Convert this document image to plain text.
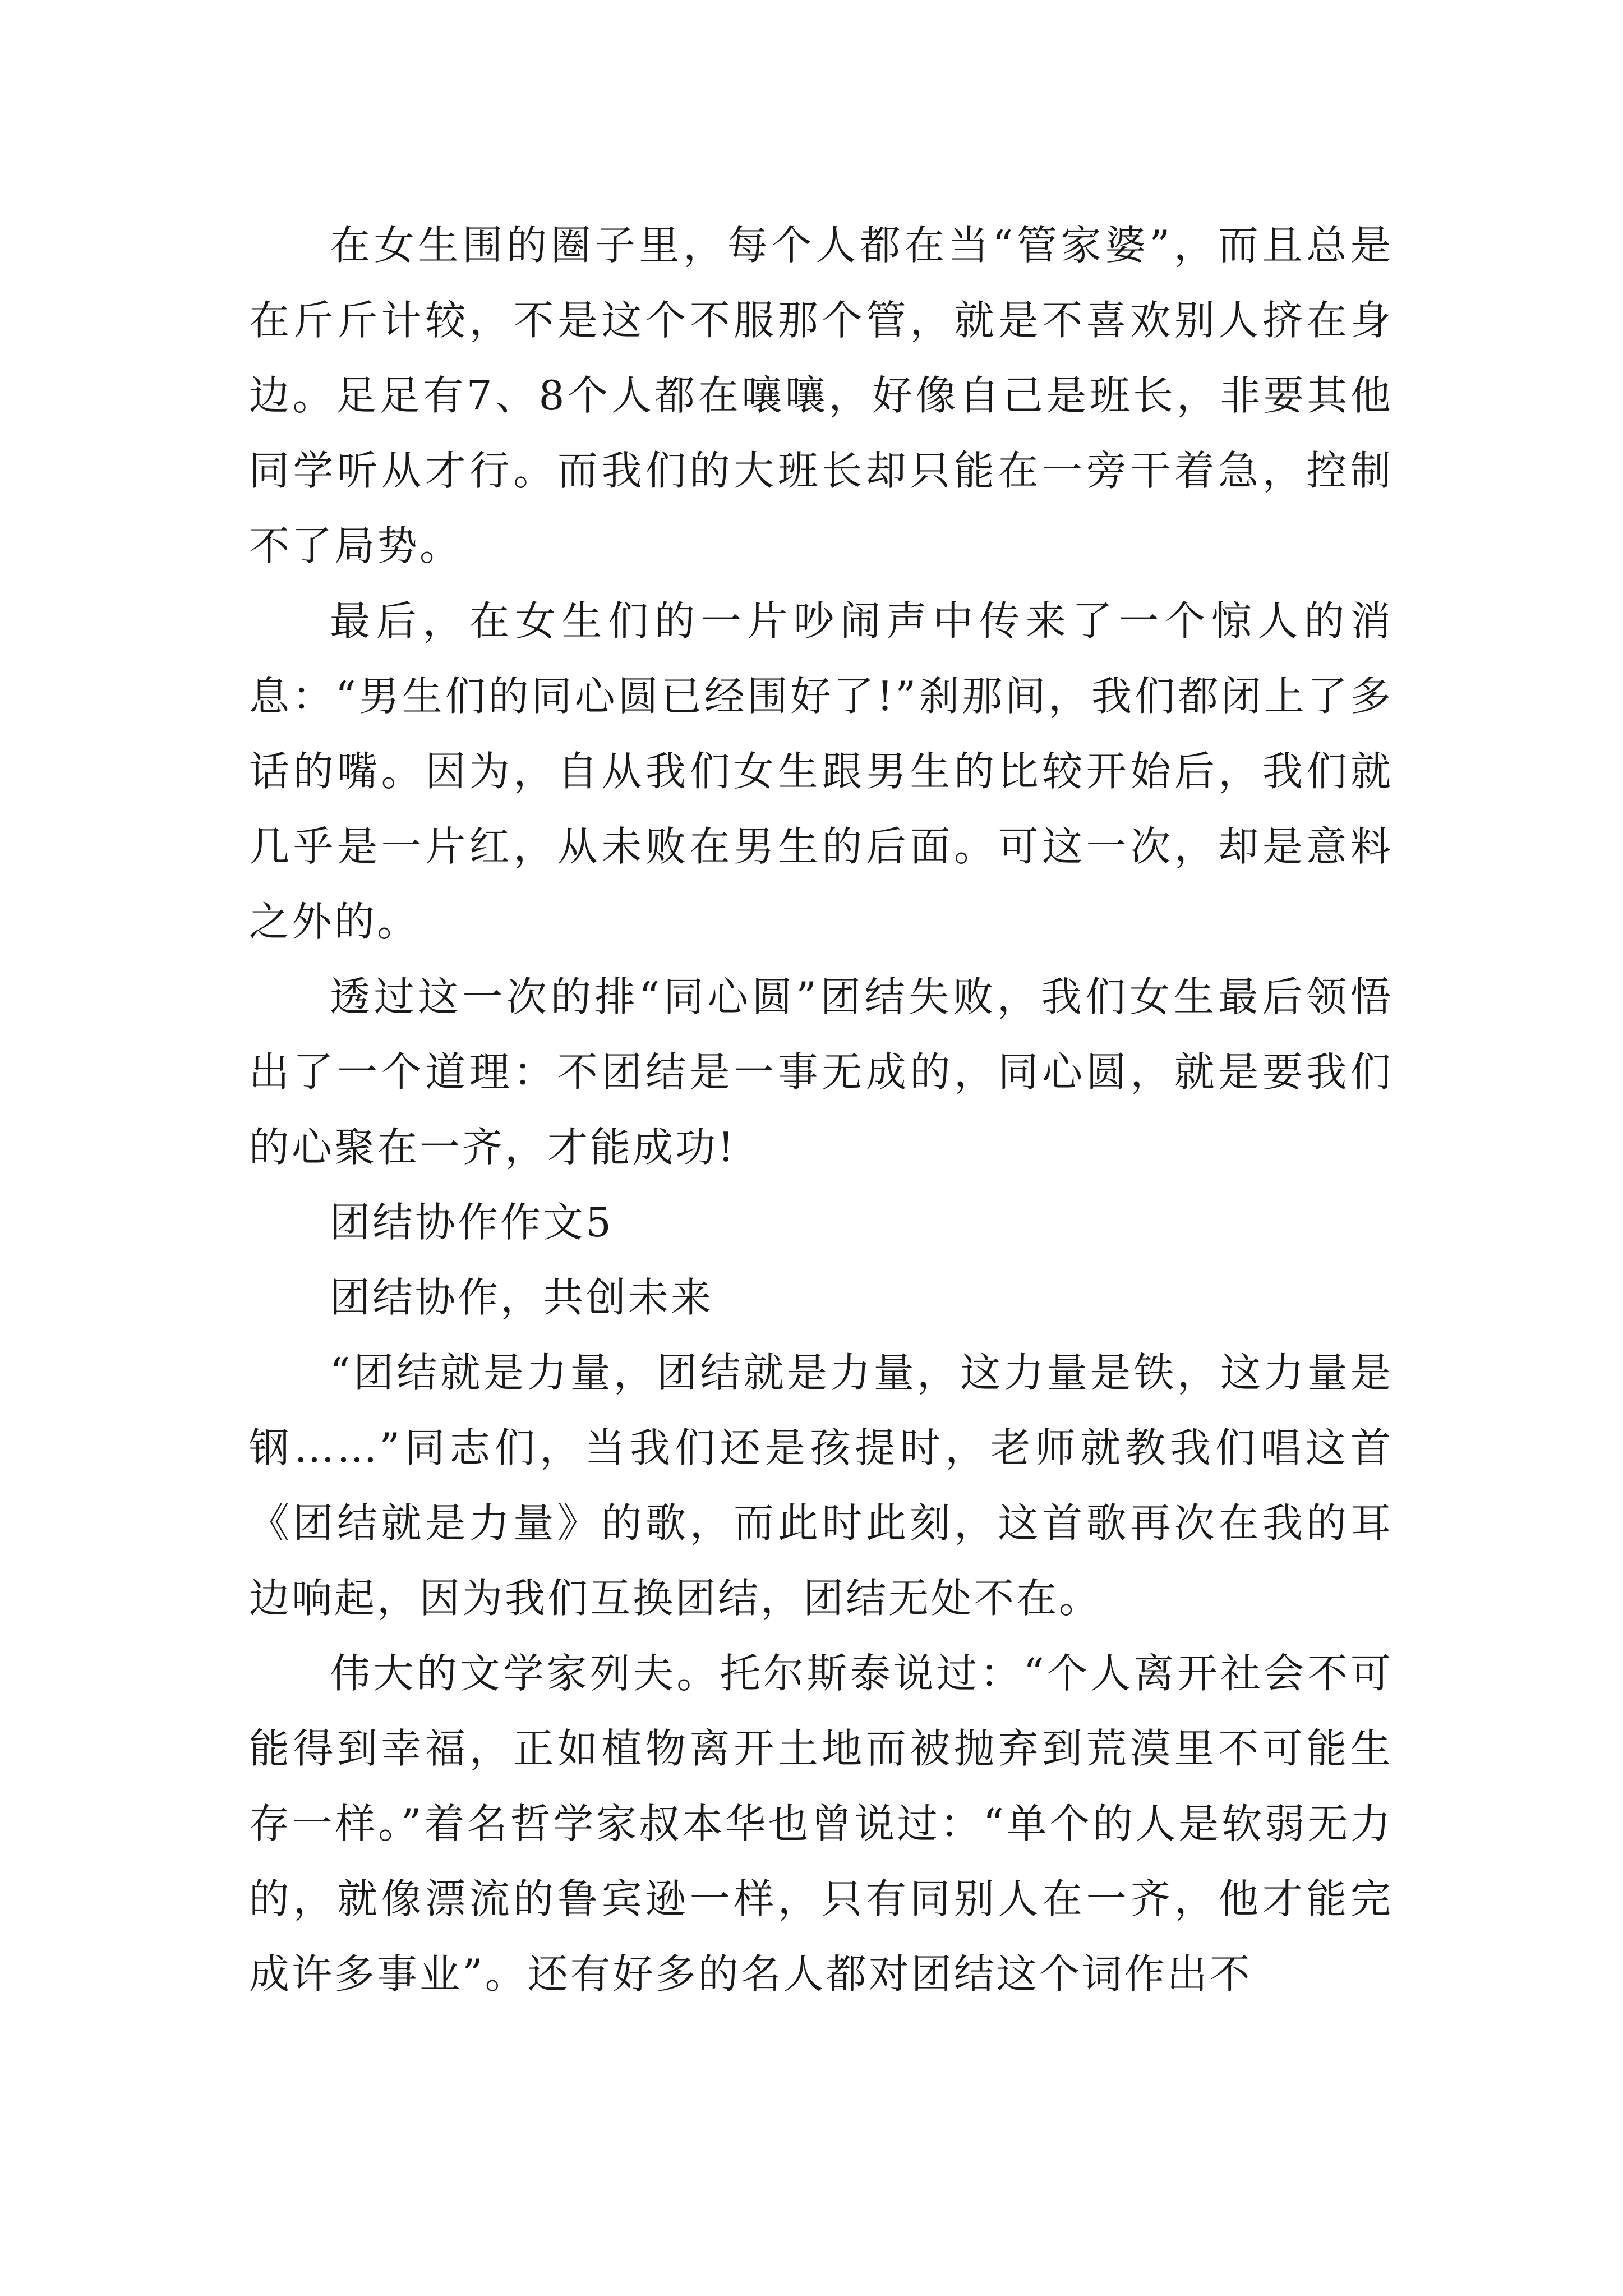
在女生围的圈子里，每个人都在当“管家婆”，而且总是在斤斤计较，不是这个不服那个管，就是不喜欢别人挤在身边。足足有7、8个人都在嚷嚷，好像自己是班长，非要其他同学听从才行。而我们的大班长却只能在一旁干着急，控制不了局势。

最后，在女生们的一片吵闹声中传来了一个惊人的消息：“男生们的同心圆已经围好了!”刹那间，我们都闭上了多话的嘴。因为，自从我们女生跟男生的比较开始后，我们就几乎是一片红，从未败在男生的后面。可这一次，却是意料之外的。

透过这一次的排“同心圆”团结失败，我们女生最后领悟出了一个道理：不团结是一事无成的，同心圆，就是要我们的心聚在一齐，才能成功!

团结协作作文5

团结协作，共创未来

“团结就是力量，团结就是力量，这力量是铁，这力量是钢……”同志们，当我们还是孩提时，老师就教我们唱这首《团结就是力量》的歌，而此时此刻，这首歌再次在我的耳边响起，因为我们互换团结，团结无处不在。

伟大的文学家列夫。托尔斯泰说过：“个人离开社会不可能得到幸福，正如植物离开土地而被抛弃到荒漠里不可能生存一样。”着名哲学家叔本华也曾说过：“单个的人是软弱无力的，就像漂流的鲁宾逊一样，只有同别人在一齐，他才能完成许多事业”。还有好多的名人都对团结这个词作出不
